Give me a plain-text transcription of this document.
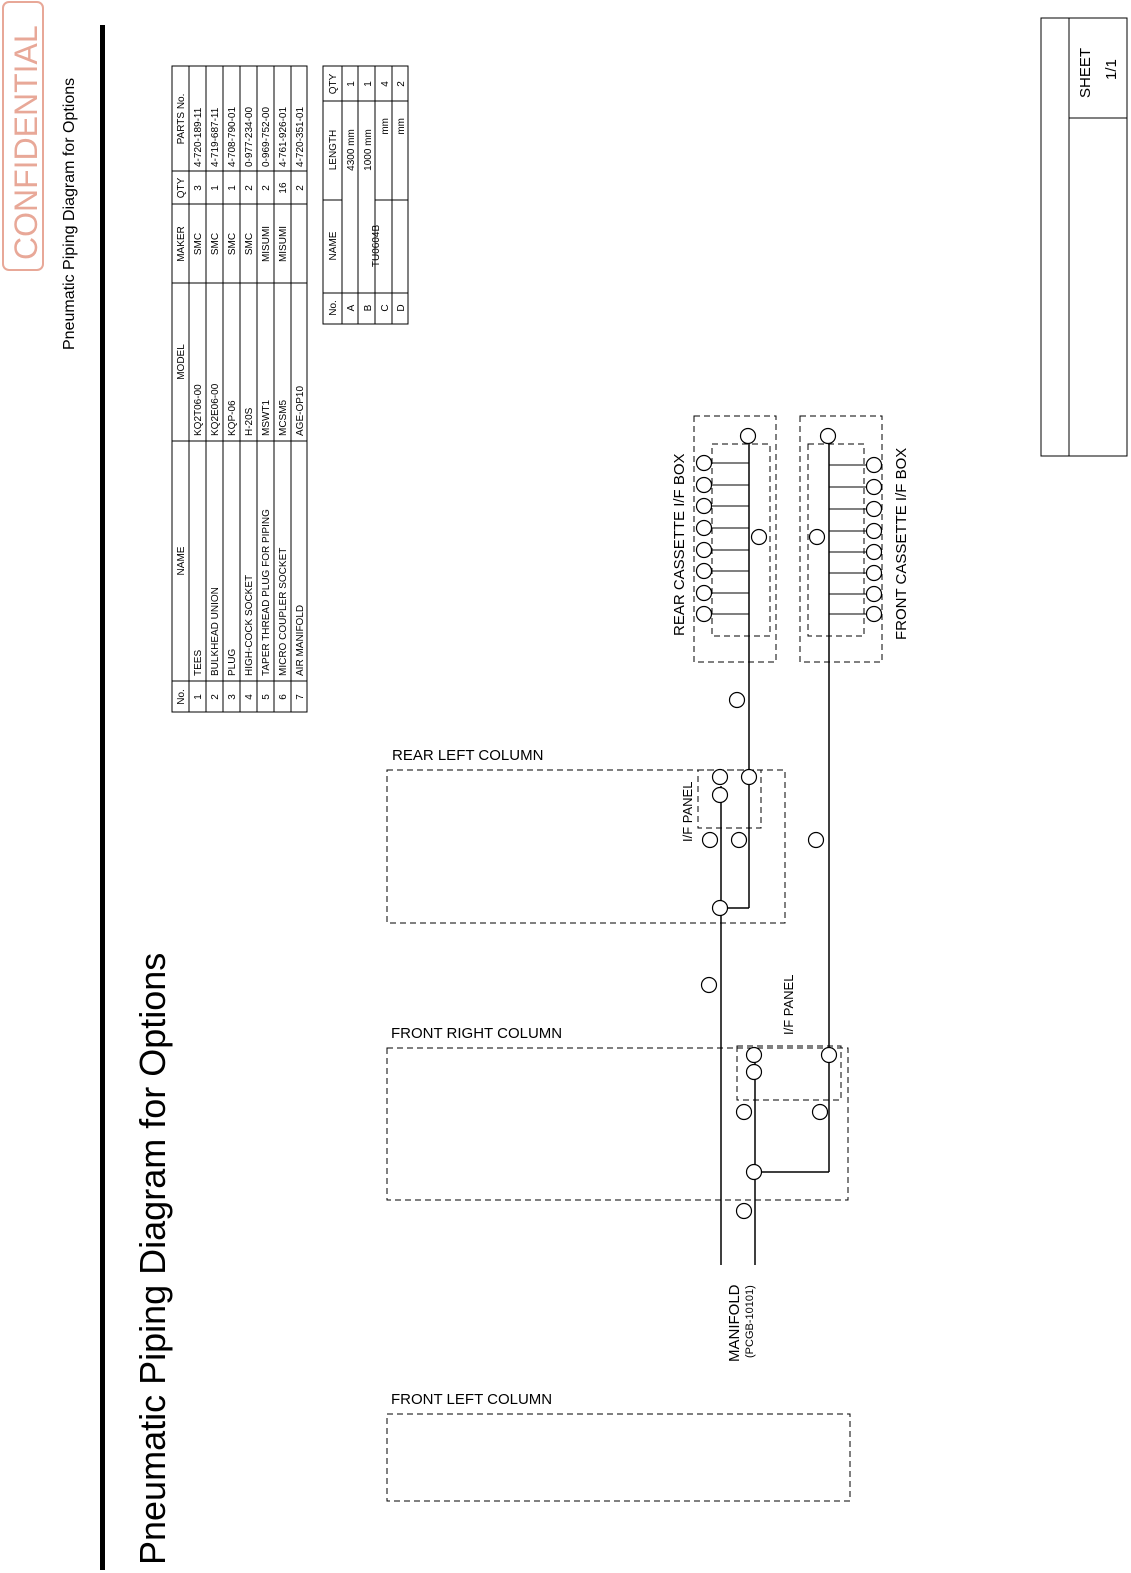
CONFIDENTIAL Pneumatic Piping Diagram for Options
Pneumatic Piping Diagram for Options
SHEET 1/1
No.
NAME
MODEL
MAKER
QTY
PARTS No.
1
TEES
KQ2T06-00
SMC
3
4-720-189-11
2
BULKHEAD UNION
KQ2E06-00
SMC
1
4-719-687-11
3
PLUG
KQP-06
SMC
1
4-708-790-01
4
HIGH-COCK SOCKET
H-20S
SMC
2
0-977-234-00
5
TAPER THREAD PLUG FOR PIPING
MSWT1
MISUMI
2
0-969-752-00
6
MICRO COUPLER SOCKET
MCSM5
MISUMI
16
4-761-926-01
7
AIR MANIFOLD
AGE-OP10
2
4-720-351-01
No.
NAME
LENGTH
QTY
TU0604B
A
4300 mm
1
B
1000 mm
1
C
mm
4
D
mm
2
REAR LEFT COLUMN
FRONT RIGHT COLUMN
FRONT LEFT COLUMN
I/F PANEL
I/F PANEL
REAR CASSETTE I/F BOX	FRONT CASSETTE I/F BOX
MANIFOLD (PCGB-10101)
